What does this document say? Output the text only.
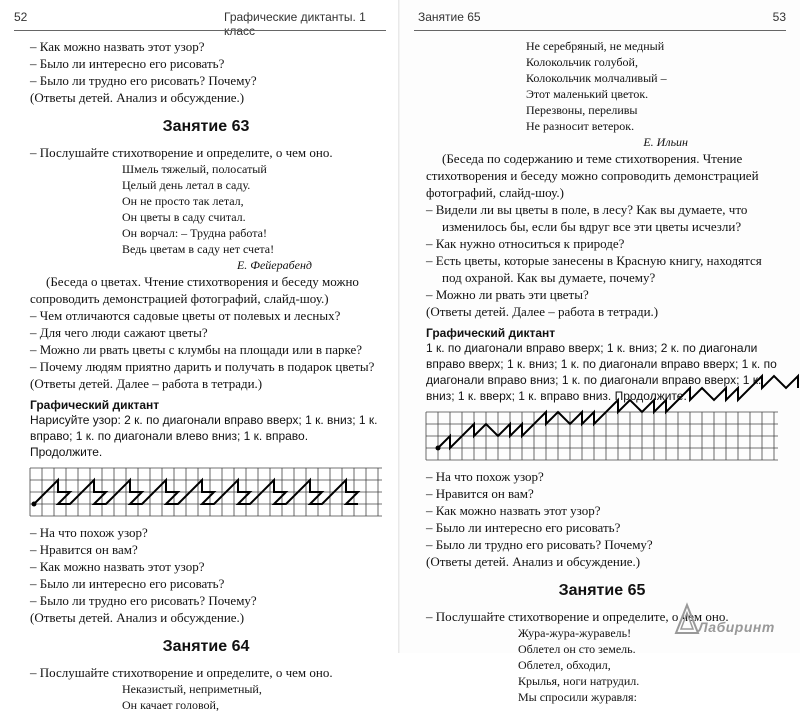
52	Графические диктанты. 1 класс

– Как можно назвать этот узор?

– Было ли интересно его рисовать?

– Было ли трудно его рисовать? Почему?

(Ответы детей. Анализ и обсуждение.)

Занятие 63

– Послушайте стихотворение и определите, о чем оно.

Шмель тяжелый, полосатый

Целый день летал в саду.

Он не просто так летал,

Он цветы в саду считал.

Он ворчал: – Трудна работа!

Ведь цветам в саду нет счета!

Е. Фейерабенд

(Беседа о цветах. Чтение стихотворения и беседу можно сопроводить демонстрацией фотографий, слайд-шоу.)

– Чем отличаются садовые цветы от полевых и лесных?

– Для чего люди сажают цветы?

– Можно ли рвать цветы с клумбы на площади или в парке?

– Почему людям приятно дарить и получать в подарок цветы?

(Ответы детей. Далее – работа в тетради.)

Графический диктант

Нарисуйте узор: 2 к. по диагонали вправо вверх; 1 к. вниз; 1 к. вправо; 1 к. по диагонали влево вниз; 1 к. вправо. Продолжите.

– На что похож узор?

– Нравится он вам?

– Как можно назвать этот узор?

– Было ли интересно его рисовать?

– Было ли трудно его рисовать? Почему?

(Ответы детей. Анализ и обсуждение.)

Занятие 64

– Послушайте стихотворение и определите, о чем оно.

Неказистый, неприметный,

Он качает головой,

Занятие 65	53

Не серебряный, не медный

Колокольчик голубой,

Колокольчик молчаливый –

Этот маленький цветок.

Перезвоны, переливы

Не разносит ветерок.

Е. Ильин

(Беседа по содержанию и теме стихотворения. Чтение стихотворения и беседу можно сопроводить демонстрацией фотографий, слайд-шоу.)

– Видели ли вы цветы в поле, в лесу? Как вы думаете, что изменилось бы, если бы вдруг все эти цветы исчезли?

– Как нужно относиться к природе?

– Есть цветы, которые занесены в Красную книгу, находятся под охраной. Как вы думаете, почему?

– Можно ли рвать эти цветы?

(Ответы детей. Далее – работа в тетради.)

Графический диктант

1 к. по диагонали вправо вверх; 1 к. вниз; 2 к. по диагонали вправо вверх; 1 к. вниз; 1 к. по диагонали вправо вверх; 1 к. по диагонали вправо вниз; 1 к. по диагонали вправо вверх; 1 к. вниз; 1 к. вверх; 1 к. вправо вниз. Продолжите.

– На что похож узор?

– Нравится он вам?

– Как можно назвать этот узор?

– Было ли интересно его рисовать?

– Было ли трудно его рисовать? Почему?

(Ответы детей. Анализ и обсуждение.)

Занятие 65

– Послушайте стихотворение и определите, о чем оно.

Жура-жура-журавель!

Облетел он сто земель.

Облетел, обходил,

Крылья, ноги натрудил.

Мы спросили журавля:

Лабиринт
